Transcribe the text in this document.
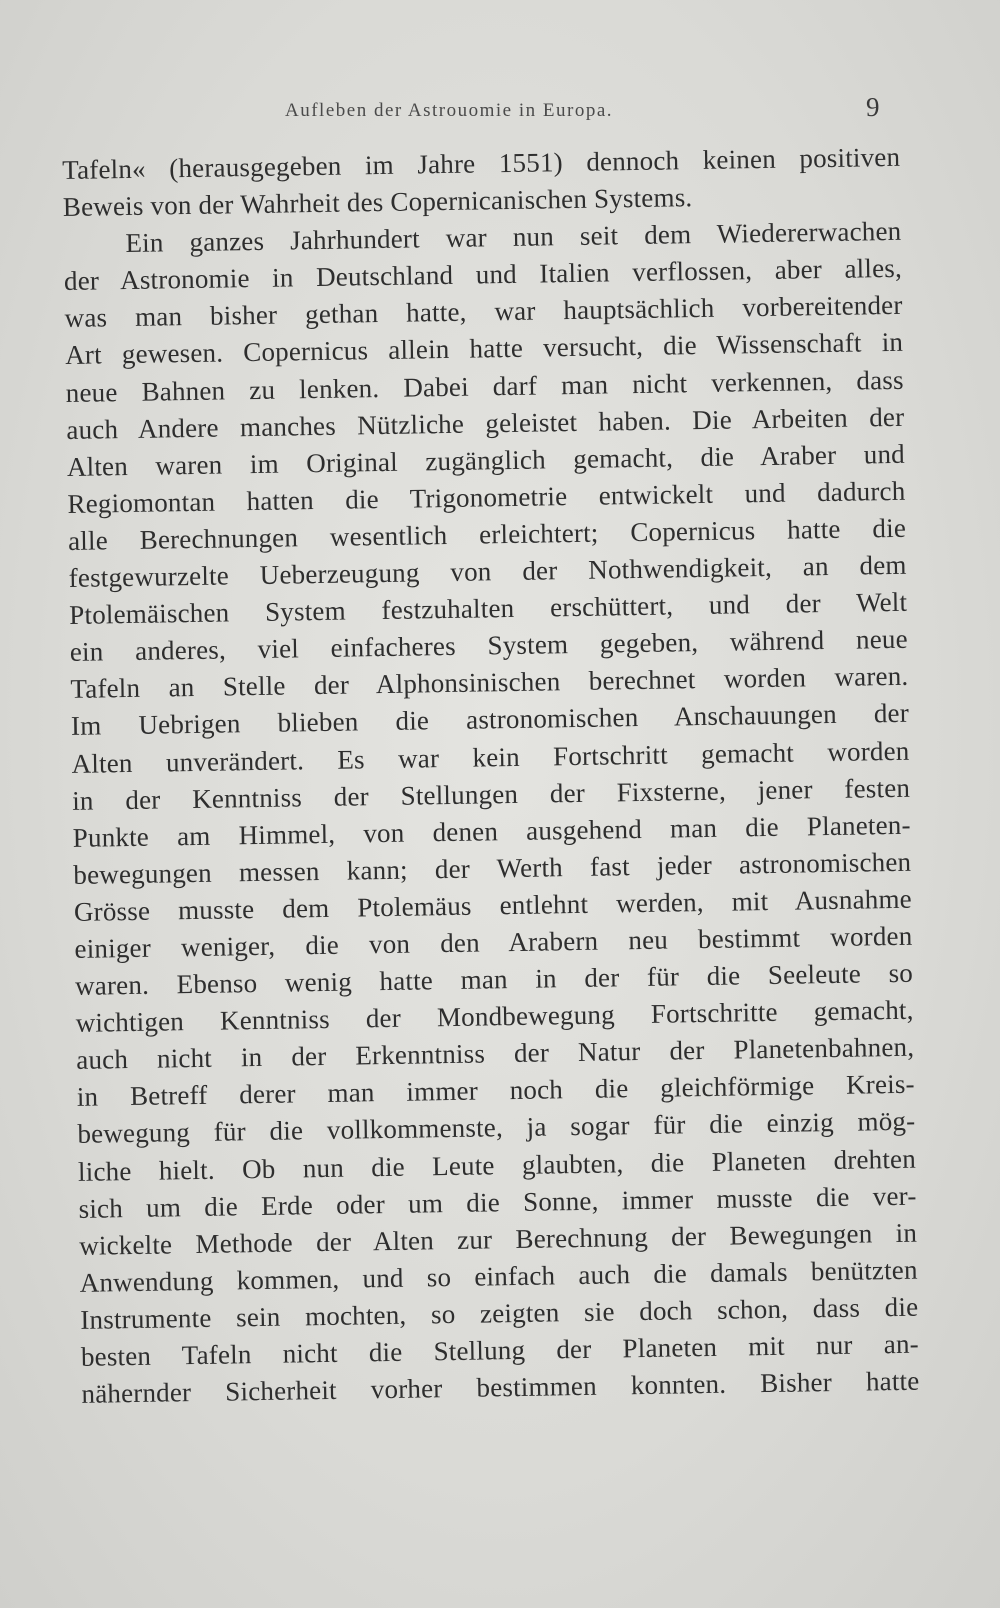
Aufleben der Astrouomie in Europa.	9
Tafeln« (herausgegeben im Jahre 1551) dennoch keinen positiven
Beweis von der Wahrheit des Copernicanischen Systems.
Ein ganzes Jahrhundert war nun seit dem Wiedererwachen
der Astronomie in Deutschland und Italien verflossen, aber alles,
was man bisher gethan hatte, war hauptsächlich vorbereitender
Art gewesen. Copernicus allein hatte versucht, die Wissenschaft in
neue Bahnen zu lenken. Dabei darf man nicht verkennen, dass
auch Andere manches Nützliche geleistet haben. Die Arbeiten der
Alten waren im Original zugänglich gemacht, die Araber und
Regiomontan hatten die Trigonometrie entwickelt und dadurch
alle Berechnungen wesentlich erleichtert; Copernicus hatte die
festgewurzelte Ueberzeugung von der Nothwendigkeit, an dem
Ptolemäischen System festzuhalten erschüttert, und der Welt
ein anderes, viel einfacheres System gegeben, während neue
Tafeln an Stelle der Alphonsinischen berechnet worden waren.
Im Uebrigen blieben die astronomischen Anschauungen der
Alten unverändert. Es war kein Fortschritt gemacht worden
in der Kenntniss der Stellungen der Fixsterne, jener festen
Punkte am Himmel, von denen ausgehend man die Planeten-
bewegungen messen kann; der Werth fast jeder astronomischen
Grösse musste dem Ptolemäus entlehnt werden, mit Ausnahme
einiger weniger, die von den Arabern neu bestimmt worden
waren. Ebenso wenig hatte man in der für die Seeleute so
wichtigen Kenntniss der Mondbewegung Fortschritte gemacht,
auch nicht in der Erkenntniss der Natur der Planetenbahnen,
in Betreff derer man immer noch die gleichförmige Kreis-
bewegung für die vollkommenste, ja sogar für die einzig mög-
liche hielt. Ob nun die Leute glaubten, die Planeten drehten
sich um die Erde oder um die Sonne, immer musste die ver-
wickelte Methode der Alten zur Berechnung der Bewegungen in
Anwendung kommen, und so einfach auch die damals benützten
Instrumente sein mochten, so zeigten sie doch schon, dass die
besten Tafeln nicht die Stellung der Planeten mit nur an-
nähernder Sicherheit vorher bestimmen konnten. Bisher hatte
